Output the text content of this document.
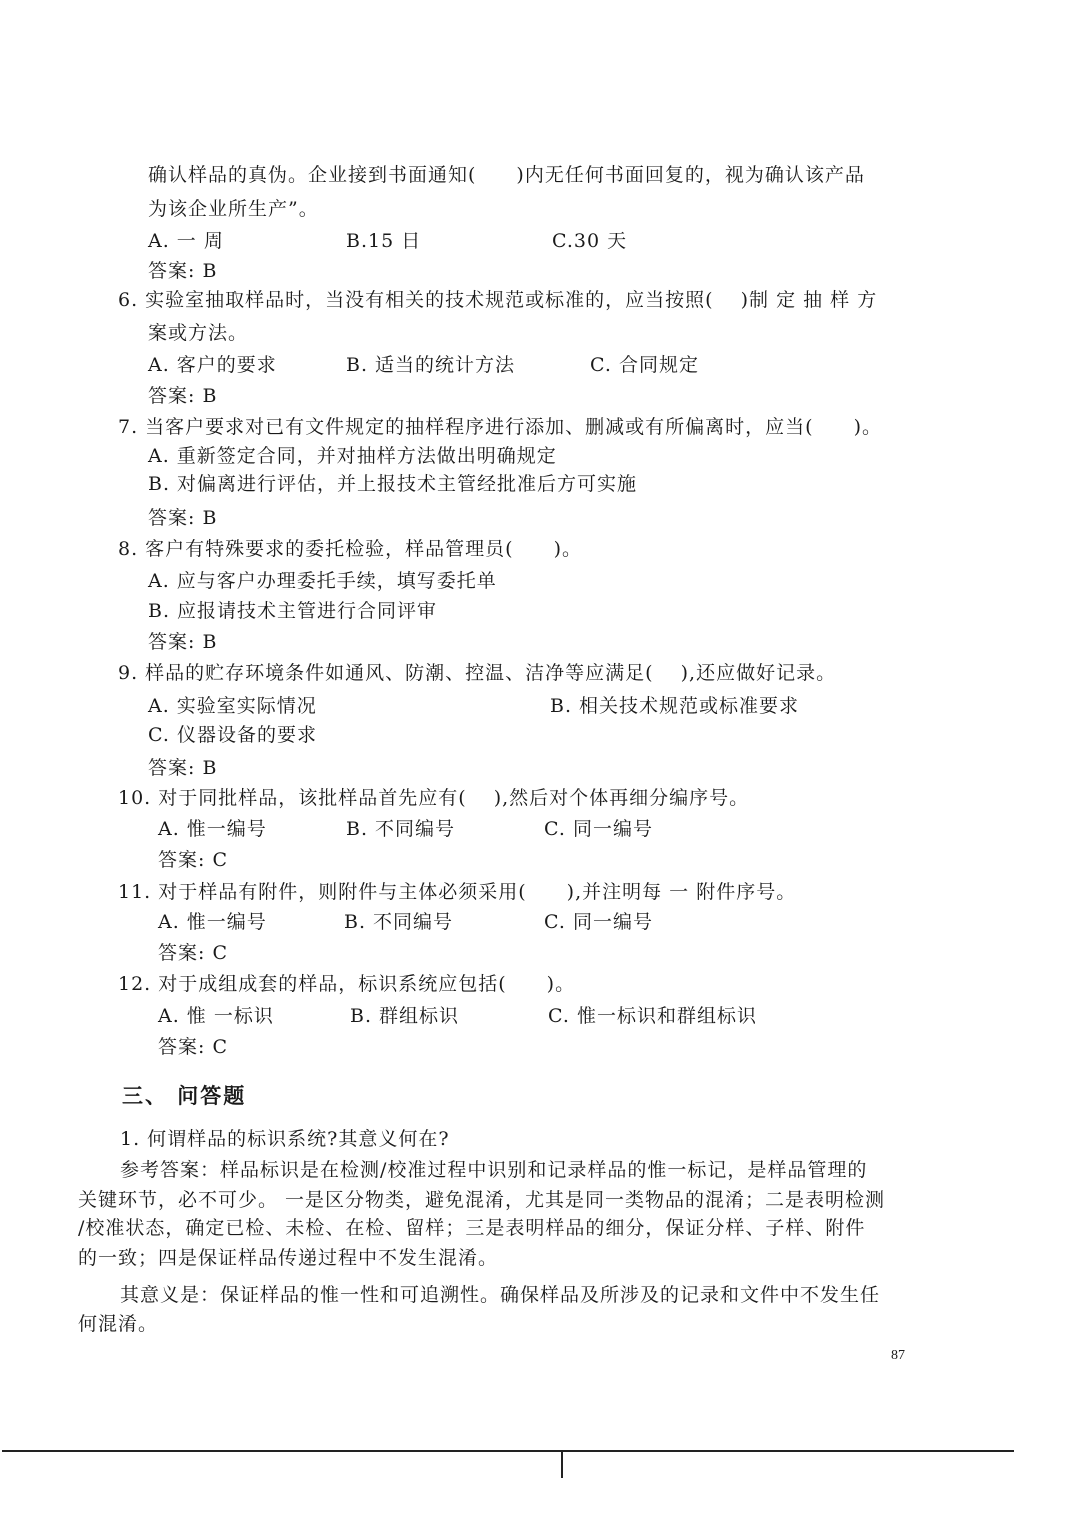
确认样品的真伪。企业接到书面通知(　　)内无任何书面回复的，视为确认该产品
为该企业所生产”。
A. 一 周	B.15 日	C.30 天
答案: B
6. 实验室抽取样品时，当没有相关的技术规范或标准的，应当按照(　 )制 定 抽 样 方
案或方法。
A. 客户的要求	B. 适当的统计方法	C. 合同规定
答案: B
7. 当客户要求对已有文件规定的抽样程序进行添加、删减或有所偏离时，应当(　　)。
A. 重新签定合同，并对抽样方法做出明确规定
B. 对偏离进行评估，并上报技术主管经批准后方可实施
答案: B
8. 客户有特殊要求的委托检验，样品管理员(　　)。
A. 应与客户办理委托手续，填写委托单
B. 应报请技术主管进行合同评审
答案: B
9. 样品的贮存环境条件如通风、防潮、控温、洁净等应满足(　 ),还应做好记录。
A. 实验室实际情况	B. 相关技术规范或标准要求
C. 仪器设备的要求
答案: B
10. 对于同批样品，该批样品首先应有(　 ),然后对个体再细分编序号。
A. 惟一编号	B. 不同编号	C. 同一编号
答案: C
11. 对于样品有附件，则附件与主体必须采用(　　),并注明每 一 附件序号。
A. 惟一编号	B. 不同编号	C. 同一编号
答案: C
12. 对于成组成套的样品，标识系统应包括(　　)。
A. 惟 一标识	B. 群组标识	C. 惟一标识和群组标识
答案: C
三、 问答题
1. 何谓样品的标识系统?其意义何在?
参考答案：样品标识是在检测/校准过程中识别和记录样品的惟一标记，是样品管理的
关键环节，必不可少。 一是区分物类，避免混淆，尤其是同一类物品的混淆；二是表明检测
/校准状态，确定已检、未检、在检、留样；三是表明样品的细分，保证分样、子样、附件
的一致；四是保证样品传递过程中不发生混淆。
其意义是：保证样品的惟一性和可追溯性。确保样品及所涉及的记录和文件中不发生任
何混淆。
87
